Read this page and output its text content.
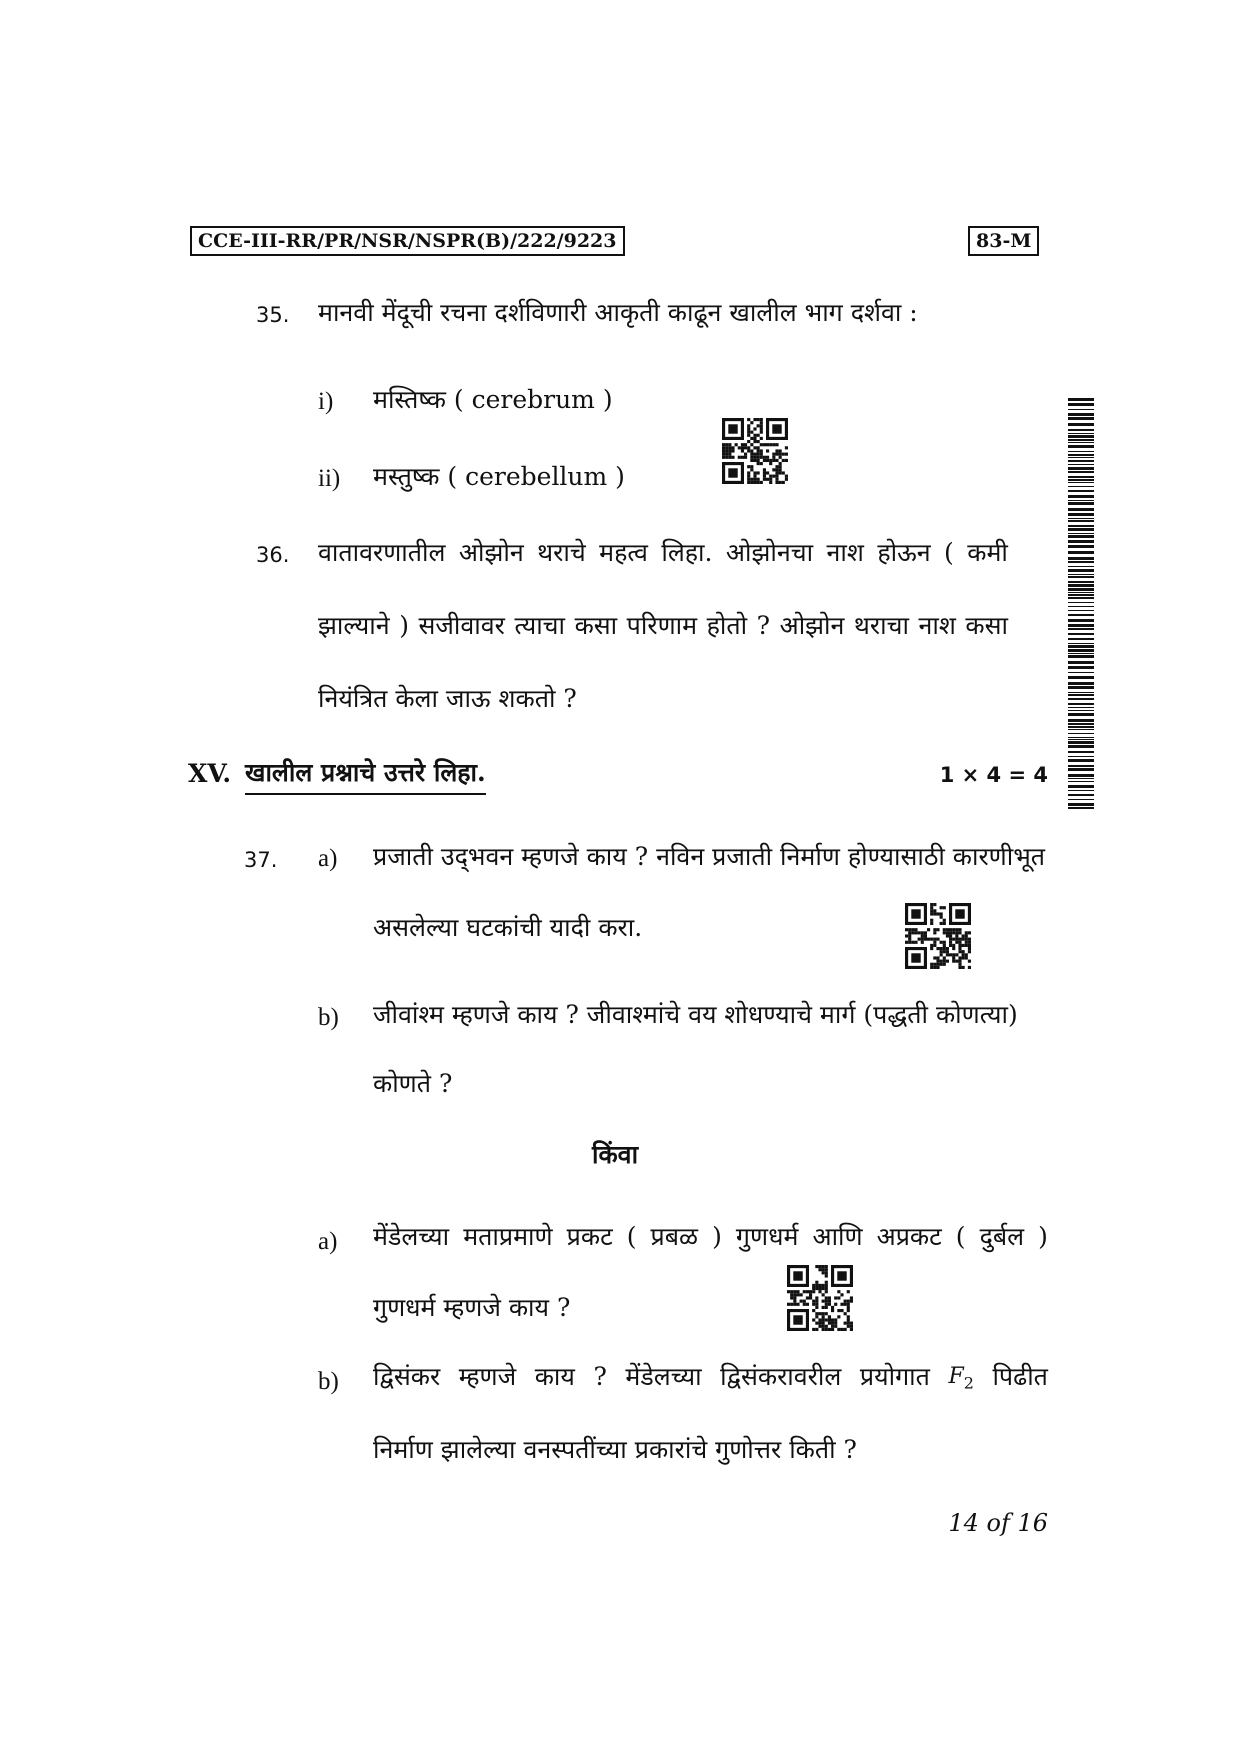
CCE-III-RR/PR/NSR/NSPR(B)/222/9223	83-M
35. मानवी मेंदूची रचना दर्शविणारी आकृती काढून खालील भाग दर्शवा :
i) मस्तिष्क ( cerebrum )
ii) मस्तुष्क ( cerebellum )
36. वातावरणातील ओझोन थराचे महत्व लिहा. ओझोनचा नाश होऊन ( कमी
झाल्याने ) सजीवावर त्याचा कसा परिणाम होतो ? ओझोन थराचा नाश कसा
नियंत्रित केला जाऊ शकतो ?
XV. खालील प्रश्नाचे उत्तरे लिहा.	1 × 4 = 4
37. a) प्रजाती उद्‌भवन म्हणजे काय ? नविन प्रजाती निर्माण होण्यासाठी कारणीभूत
असलेल्या घटकांची यादी करा.
b) जीवांश्म म्हणजे काय ? जीवाश्मांचे वय शोधण्याचे मार्ग (पद्धती कोणत्या)
कोणते ?
किंवा
a) मेंडेलच्या मताप्रमाणे प्रकट ( प्रबळ ) गुणधर्म आणि अप्रकट ( दुर्बल )
गुणधर्म म्हणजे काय ?
b) द्विसंकर म्हणजे काय ? मेंडेलच्या द्विसंकरावरील प्रयोगात $F_2$ पिढीत
निर्माण झालेल्या वनस्पतींच्या प्रकारांचे गुणोत्तर किती ?
14 of 16
